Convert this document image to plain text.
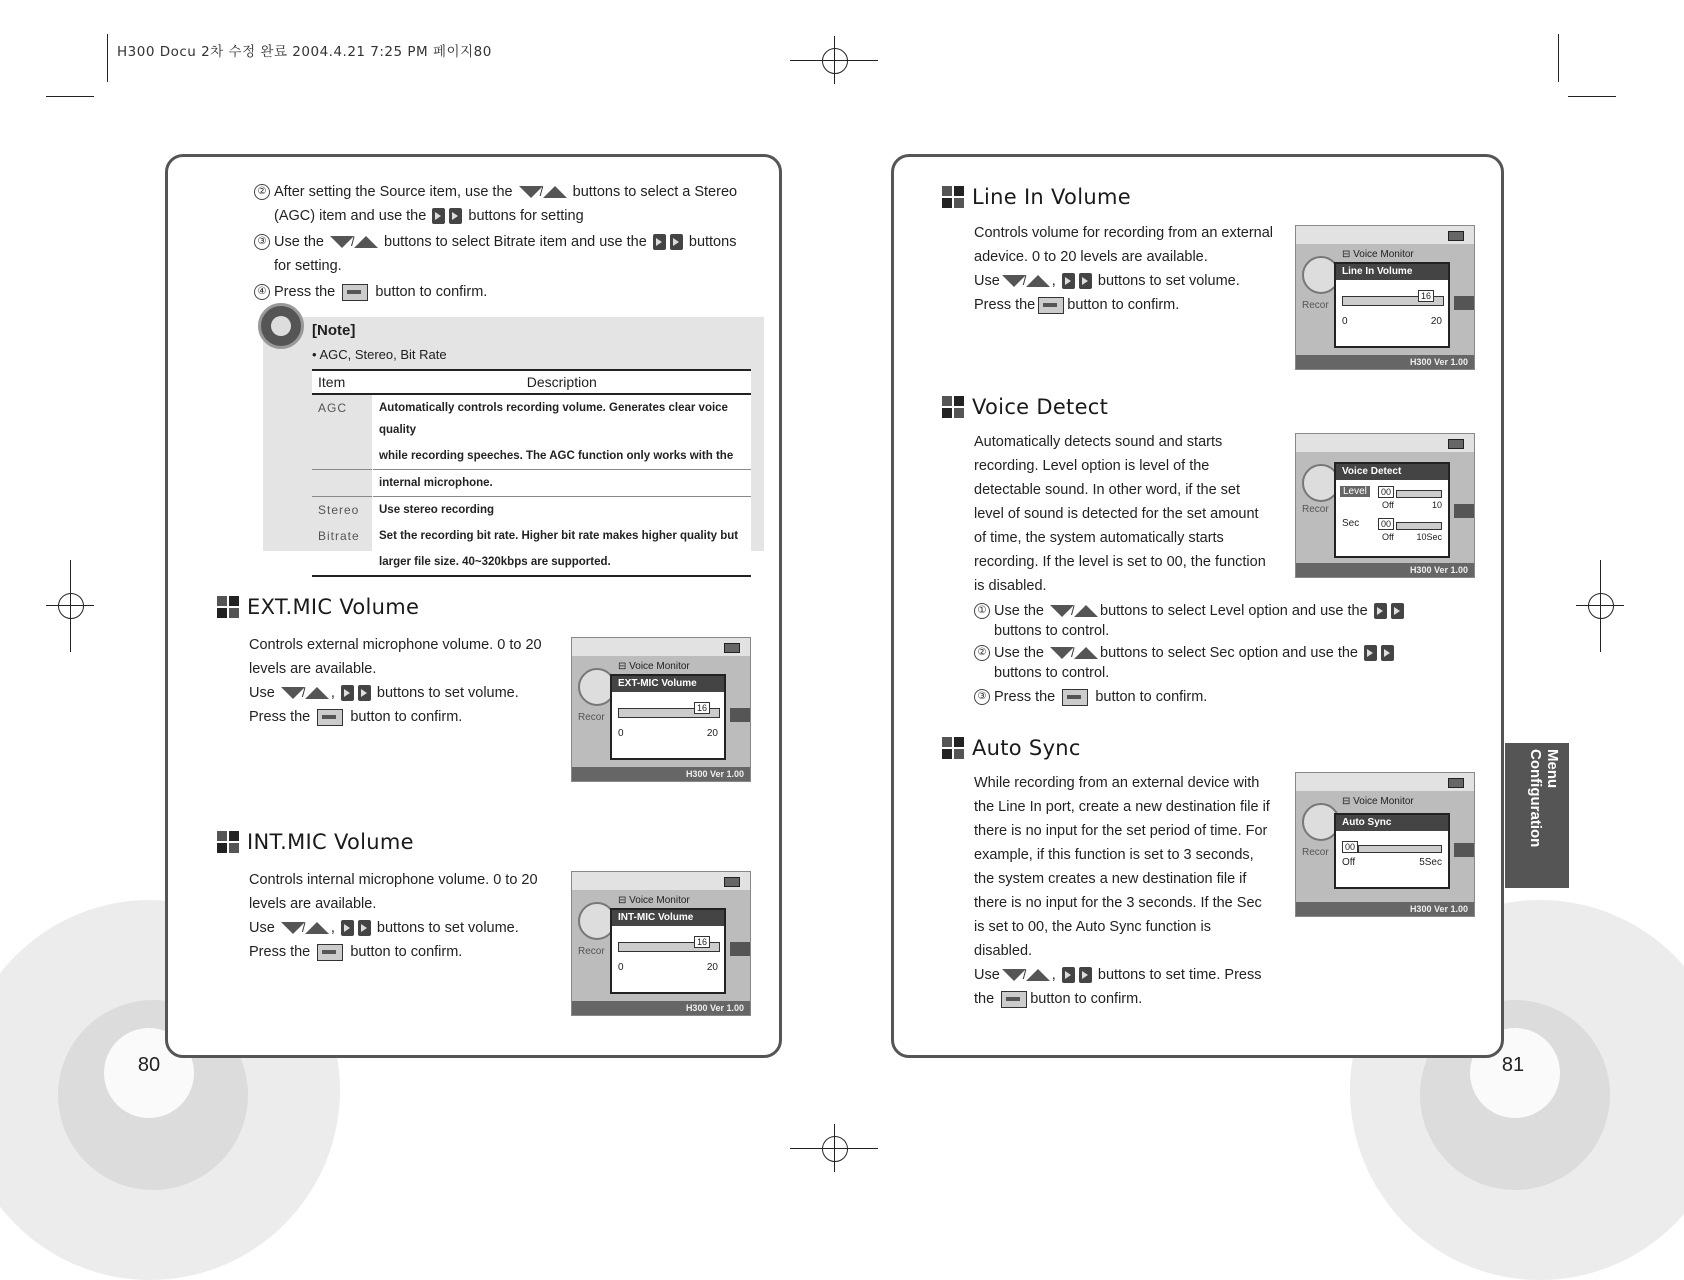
H300 Docu 2차 수정 완료 2004.4.21 7:25 PM 페이지80
② After setting the Source item, use the / buttons to select a Stereo
(AGC) item and use the	buttons for setting
③ Use the / buttons to select Bitrate item and use the	buttons
for setting.
④ Press the	button to confirm.
[Note]
• AGC, Stereo, Bit Rate
Item	Description
AGC	Automatically controls recording volume. Generates clear voice quality
	while recording speeches. The AGC function only works with the
	internal microphone.
Stereo	Use stereo recording
Bitrate	Set the recording bit rate. Higher bit rate makes higher quality but
	larger file size. 40~320kbps are supported.
EXT.MIC Volume

Controls external microphone volume. 0 to 20

levels are available.

Use / ,	buttons to set volume.

Press the	button to confirm.

⊟ Voice Monitor
Recor
EXT-MIC Volume
16
0	20
H300 Ver 1.00
INT.MIC Volume

Controls internal microphone volume. 0 to 20

levels are available.

Use / ,	buttons to set volume.

Press the	button to confirm.

⊟ Voice Monitor
Recor
INT-MIC Volume
16
0	20
H300 Ver 1.00
80
Line In Volume

Controls volume for recording from an external

adevice. 0 to 20 levels are available.

Use / ,	buttons to set volume.

Press the button to confirm.

⊟ Voice Monitor
Recor
Line In Volume
16
0	20
H300 Ver 1.00
Voice Detect

Automatically detects sound and starts

recording. Level option is level of the

detectable sound. In other word, if the set

level of sound is detected for the set amount

of time, the system automatically starts

recording. If the level is set to 00, the function

is disabled.

① Use the / buttons to select Level option and use the
buttons to control.
② Use the / buttons to select Sec option and use the
buttons to control.
③ Press the	button to confirm.
Recor
Voice Detect
Level	00
Off	10
Sec	00
Off	10Sec
H300 Ver 1.00
Auto Sync

While recording from an external device with

the Line In port, create a new destination file if

there is no input for the set period of time. For

example, if this function is set to 3 seconds,

the system creates a new destination file if

there is no input for the 3 seconds. If the Sec

is set to 00, the Auto Sync function is

disabled.

Use / ,	buttons to set time. Press

the button to confirm.

⊟ Voice Monitor
Recor
Auto Sync
00
Off	5Sec
H300 Ver 1.00
Menu Configuration
81
